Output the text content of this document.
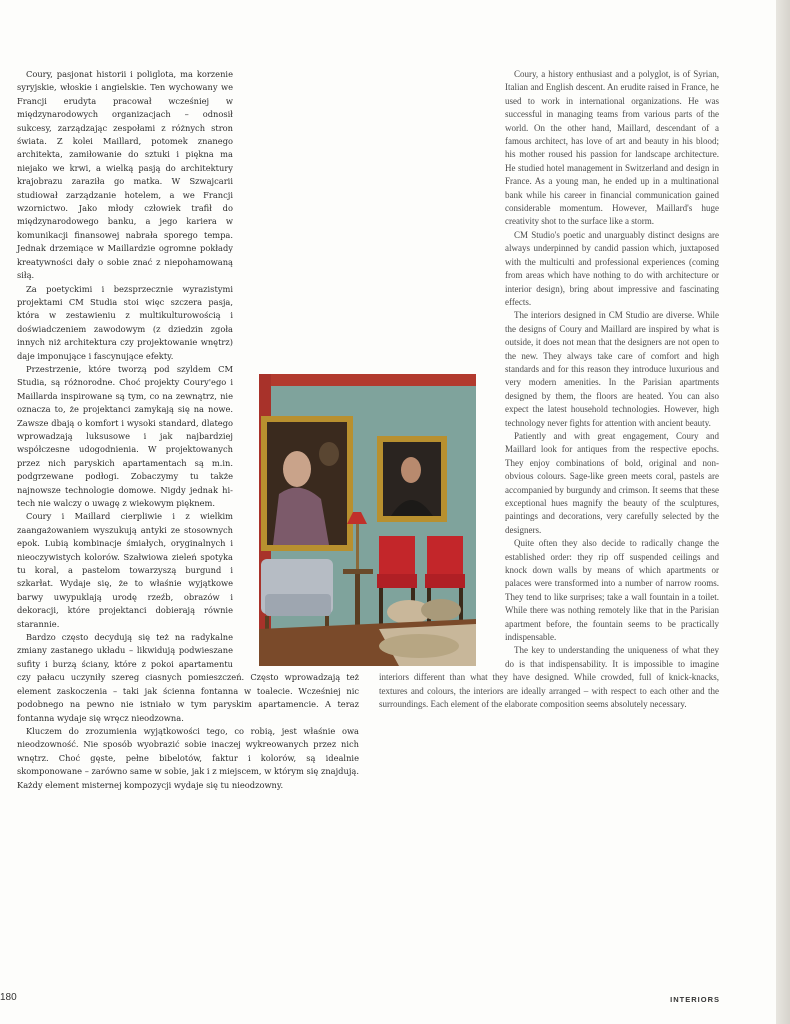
Coury, pasjonat historii i poliglota, ma korzenie syryjskie, włoskie i angielskie. Ten wychowany we Francji erudyta pracował wcześniej w międzynarodowych organizacjach – odnosił sukcesy, zarządzając zespołami z różnych stron świata. Z kolei Maillard, potomek znanego architekta, zamiłowanie do sztuki i piękna ma niejako we krwi, a wielką pasją do architektury krajobrazu zaraziła go matka. W Szwajcarii studiował zarządzanie hotelem, a we Francji wzornictwo. Jako młody człowiek trafił do międzynarodowego banku, a jego kariera w komunikacji finansowej nabrała sporego tempa. Jednak drzemiące w Maillardzie ogromne pokłady kreatywności dały o sobie znać z niepohamowaną siłą.

Za poetyckimi i bezsprzecznie wyrazistymi projektami CM Studia stoi więc szczera pasja, która w zestawieniu z multikulturowością i doświadczeniem zawodowym (z dziedzin zgoła innych niż architektura czy projektowanie wnętrz) daje imponujące i fascynujące efekty.

Przestrzenie, które tworzą pod szyldem CM Studia, są różnorodne. Choć projekty Coury'ego i Maillarda inspirowane są tym, co na zewnątrz, nie oznacza to, że projektanci zamykają się na nowe. Zawsze dbają o komfort i wysoki standard, dlatego wprowadzają luksusowe i jak najbardziej współczesne udogodnienia. W projektowanych przez nich paryskich apartamentach są m.in. podgrzewane podłogi. Zobaczymy tu także najnowsze technologie domowe. Nigdy jednak hi-tech nie walczy o uwagę z wiekowym pięknem.

Coury i Maillard cierpliwie i z wielkim zaangażowaniem wyszukują antyki ze stosownych epok. Lubią kombinacje śmiałych, oryginalnych i nieoczywistych kolorów. Szałwiowa zieleń spotyka tu koral, a pastelom towarzyszą burgund i szkarłat. Wydaje się, że to właśnie wyjątkowe barwy uwypuklają urodę rzeźb, obrazów i dekoracji, które projektanci dobierają równie starannie.

Bardzo często decydują się też na radykalne zmiany zastanego układu – likwidują podwieszane sufity i burzą ściany, które z pokoi apartamentu czy pałacu uczyniły szereg ciasnych pomieszczeń. Często wprowadzają też element zaskoczenia – taki jak ścienna fontanna w toalecie. Wcześniej nic podobnego na pewno nie istniało w tym paryskim apartamencie. A teraz fontanna wydaje się wręcz nieodzowna.

Kluczem do zrozumienia wyjątkowości tego, co robią, jest właśnie owa nieodzowność. Nie sposób wyobrazić sobie inaczej wykreowanych przez nich wnętrz. Choć gęste, pełne bibelotów, faktur i kolorów, są idealnie skomponowane – zarówno same w sobie, jak i z miejscem, w którym się znajdują. Każdy element misternej kompozycji wydaje się tu nieodzowny.

Coury, a history enthusiast and a polyglot, is of Syrian, Italian and English descent. An erudite raised in France, he used to work in international organizations. He was successful in managing teams from various parts of the world. On the other hand, Maillard, descendant of a famous architect, has love of art and beauty in his blood; his mother roused his passion for landscape architecture. He studied hotel management in Switzerland and design in France. As a young man, he ended up in a multinational bank while his career in financial communication gained considerable momentum. However, Maillard's huge creativity shot to the surface like a storm.

CM Studio's poetic and unarguably distinct designs are always underpinned by candid passion which, juxtaposed with the multiculti and professional experiences (coming from areas which have nothing to do with architecture or interior design), bring about impressive and fascinating effects.

The interiors designed in CM Studio are diverse. While the designs of Coury and Maillard are inspired by what is outside, it does not mean that the designers are not open to the new. They always take care of comfort and high standards and for this reason they introduce luxurious and very modern amenities. In the Parisian apartments designed by them, the floors are heated. You can also expect the latest household technologies. However, high technology never fights for attention with ancient beauty.

Patiently and with great engagement, Coury and Maillard look for antiques from the respective epochs. They enjoy combinations of bold, original and non-obvious colours. Sage-like green meets coral, pastels are accompanied by burgundy and crimson. It seems that these exceptional hues magnify the beauty of the sculptures, paintings and decorations, very carefully selected by the designers.

Quite often they also decide to radically change the established order: they rip off suspended ceilings and knock down walls by means of which apartments or palaces were transformed into a number of narrow rooms. They tend to like surprises; take a wall fountain in a toilet. While there was nothing remotely like that in the Parisian apartment before, the fountain seems to be practically indispensable.

The key to understanding the uniqueness of what they do is that indispensability. It is impossible to imagine interiors different than what they have designed. While crowded, full of knick-knacks, textures and colours, the interiors are ideally arranged – with respect to each other and the surroundings. Each element of the elaborate composition seems absolutely necessary.

180	INTERIORS
